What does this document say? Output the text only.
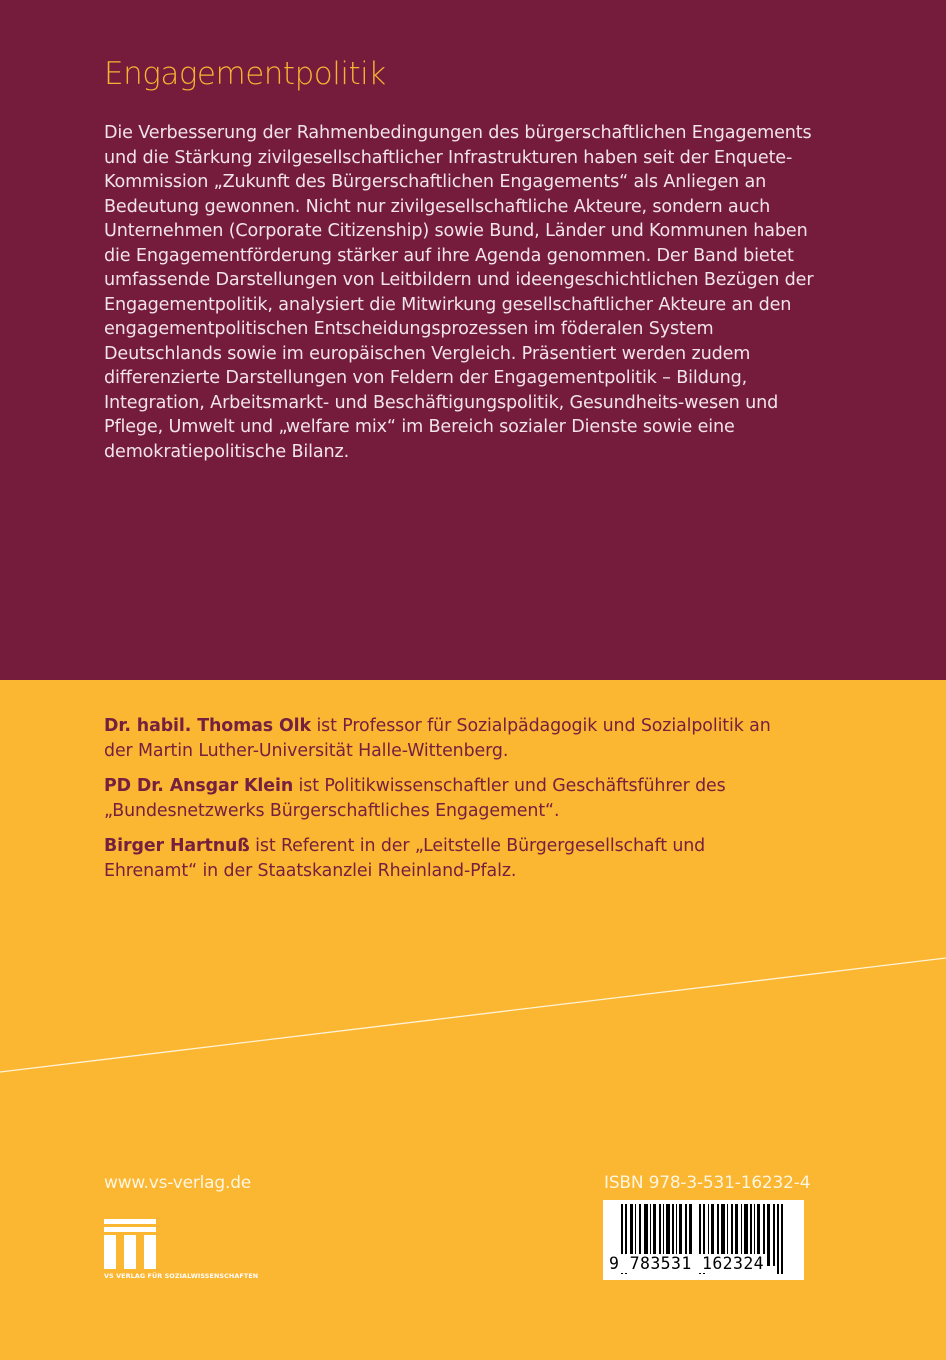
Engagementpolitik

Die Verbesserung der Rahmenbedingungen des bürgerschaftlichen Engagements und die Stärkung zivilgesellschaftlicher Infrastrukturen haben seit der Enquete-Kommission „Zukunft des Bürgerschaftlichen Engagements“ als Anliegen an Bedeutung gewonnen. Nicht nur zivilgesellschaftliche Akteure, sondern auch Unternehmen (Corporate Citizenship) sowie Bund, Länder und Kommunen haben die Engagementförderung stärker auf ihre Agenda genommen. Der Band bietet umfassende Darstellungen von Leitbildern und ideengeschichtlichen Bezügen der Engagementpolitik, analysiert die Mitwirkung gesellschaftlicher Akteure an den engagementpolitischen Entscheidungsprozessen im föderalen System Deutschlands sowie im europäischen Vergleich. Präsentiert werden zudem differenzierte Darstellungen von Feldern der Engagementpolitik – Bildung, Integration, Arbeitsmarkt- und Beschäftigungspolitik, Gesundheits-wesen und Pflege, Umwelt und „welfare mix“ im Bereich sozialer Dienste sowie eine demokratiepolitische Bilanz.

Dr. habil. Thomas Olk ist Professor für Sozialpädagogik und Sozialpolitik an der Martin Luther-Universität Halle-Wittenberg.

PD Dr. Ansgar Klein ist Politikwissenschaftler und Geschäftsführer des „Bundesnetzwerks Bürgerschaftliches Engagement“.

Birger Hartnuß ist Referent in der „Leitstelle Bürgergesellschaft und Ehrenamt“ in der Staatskanzlei Rheinland-Pfalz.

www.vs-verlag.de
VS VERLAG FÜR SOZIALWISSENSCHAFTEN
ISBN 978-3-531-16232-4
9 783531 162324
